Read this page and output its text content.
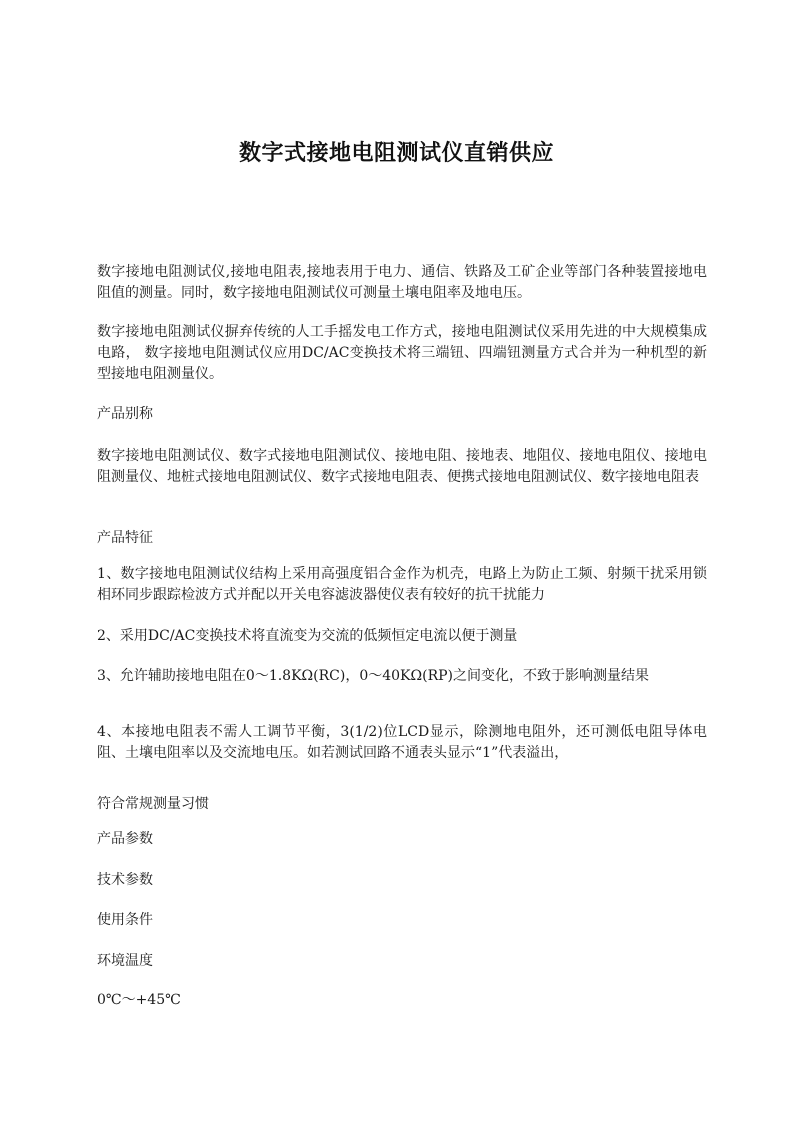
数字式接地电阻测试仪直销供应
数字接地电阻测试仪,接地电阻表,接地表用于电力、通信、铁路及工矿企业等部门各种装置接地电阻值的测量。同时，数字接地电阻测试仪可测量土壤电阻率及地电压。
数字接地电阻测试仪摒弃传统的人工手摇发电工作方式，接地电阻测试仪采用先进的中大规模集成电路， 数字接地电阻测试仪应用DC/AC变换技术将三端钮、四端钮测量方式合并为一种机型的新型接地电阻测量仪。
产品别称
数字接地电阻测试仪、数字式接地电阻测试仪、接地电阻、接地表、地阻仪、接地电阻仪、接地电阻测量仪、地桩式接地电阻测试仪、数字式接地电阻表、便携式接地电阻测试仪、数字接地电阻表
产品特征
1、数字接地电阻测试仪结构上采用高强度铝合金作为机壳，电路上为防止工频、射频干扰采用锁相环同步跟踪检波方式并配以开关电容滤波器使仪表有较好的抗干扰能力
2、采用DC/AC变换技术将直流变为交流的低频恒定电流以便于测量
3、允许辅助接地电阻在0～1.8KΩ(RC)，0～40KΩ(RP)之间变化，不致于影响测量结果
4、本接地电阻表不需人工调节平衡，3(1/2)位LCD显示，除测地电阻外，还可测低电阻导体电阻、土壤电阻率以及交流地电压。如若测试回路不通表头显示“1”代表溢出，
符合常规测量习惯
产品参数
技术参数
使用条件
环境温度
0℃～+45℃
